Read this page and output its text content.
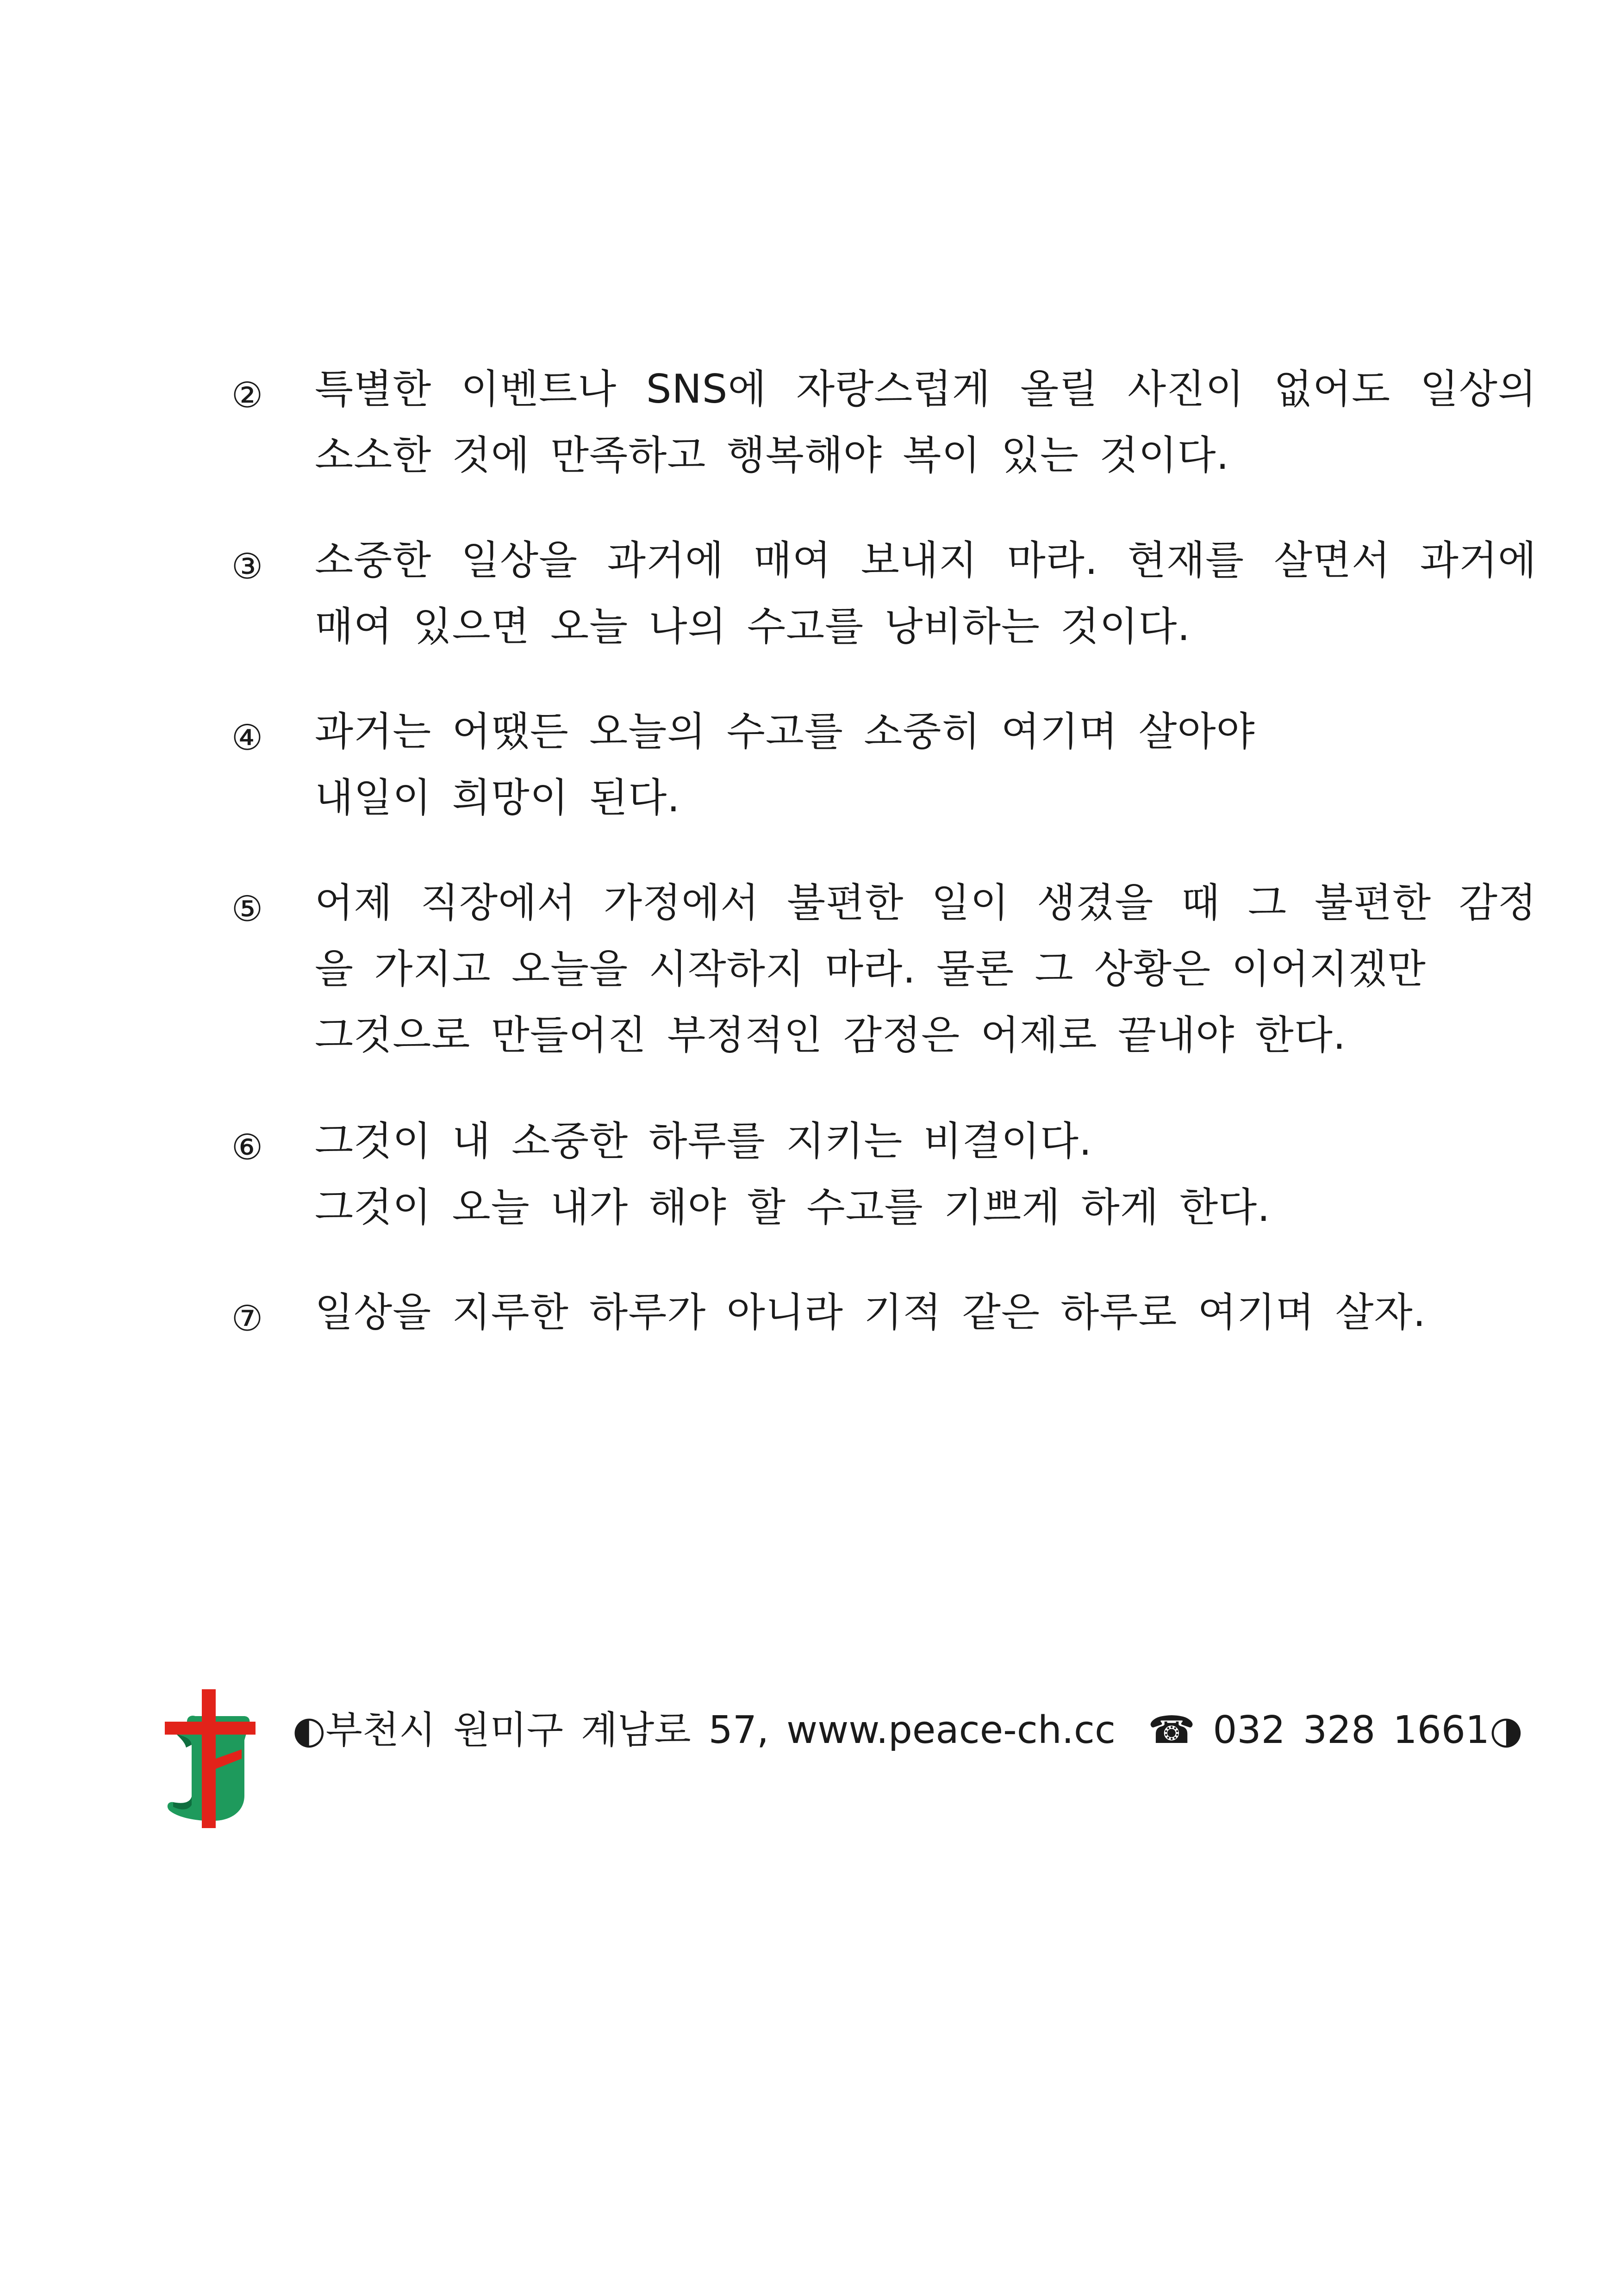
②	특별한 이벤트나 SNS에 자랑스럽게 올릴 사진이 없어도 일상의
소소한 것에 만족하고 행복해야 복이 있는 것이다.
③	소중한 일상을 과거에 매여 보내지 마라. 현재를 살면서 과거에
매여 있으면 오늘 나의 수고를 낭비하는 것이다.
④	과거는 어땠든 오늘의 수고를 소중히 여기며 살아야
내일이 희망이 된다.
⑤	어제 직장에서 가정에서 불편한 일이 생겼을 때 그 불편한 감정
을 가지고 오늘을 시작하지 마라. 물론 그 상황은 이어지겠만
그것으로 만들어진 부정적인 감정은 어제로 끝내야 한다.
⑥	그것이 내 소중한 하루를 지키는 비결이다.
그것이 오늘 내가 해야 할 수고를 기쁘게 하게 한다.
⑦	일상을 지루한 하루가 아니라 기적 같은 하루로 여기며 살자.
◐부천시 원미구 계남로 57, www.peace-ch.cc ☎ 032 328 1661◑
